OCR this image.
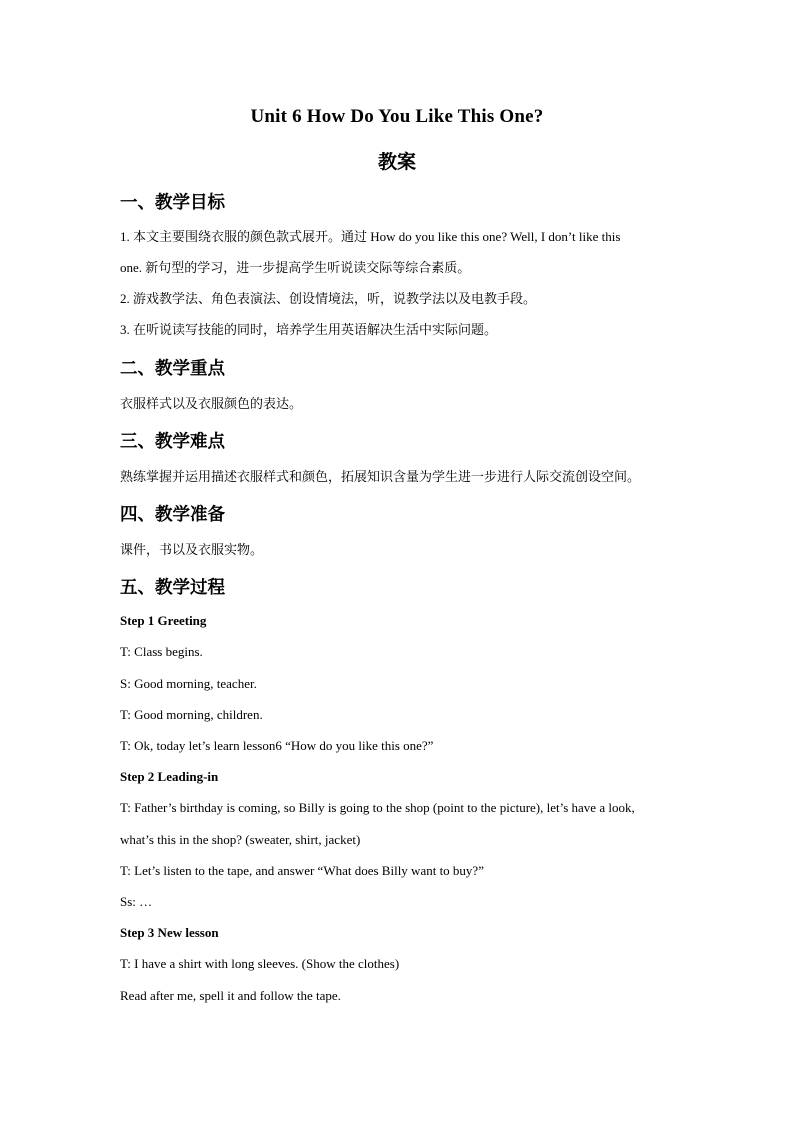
Unit 6 How Do You Like This One?
教案
一、教学目标
1. 本文主要围绕衣服的颜色款式展开。通过 How do you like this one? Well, I don’t like this
one. 新句型的学习，进一步提高学生听说读交际等综合素质。
2. 游戏教学法、角色表演法、创设情境法，听，说教学法以及电教手段。
3. 在听说读写技能的同时，培养学生用英语解决生活中实际问题。
二、教学重点
衣服样式以及衣服颜色的表达。
三、教学难点
熟练掌握并运用描述衣服样式和颜色，拓展知识含量为学生进一步进行人际交流创设空间。
四、教学准备
课件，书以及衣服实物。
五、教学过程
Step 1 Greeting
T: Class begins.
S: Good morning, teacher.
T: Good morning, children.
T: Ok, today let’s learn lesson6 “How do you like this one?”
Step 2 Leading-in
T: Father’s birthday is coming, so Billy is going to the shop (point to the picture), let’s have a look,
what’s this in the shop? (sweater, shirt, jacket)
T: Let’s listen to the tape, and answer “What does Billy want to buy?”
Ss: …
Step 3 New lesson
T: I have a shirt with long sleeves. (Show the clothes)
Read after me, spell it and follow the tape.
